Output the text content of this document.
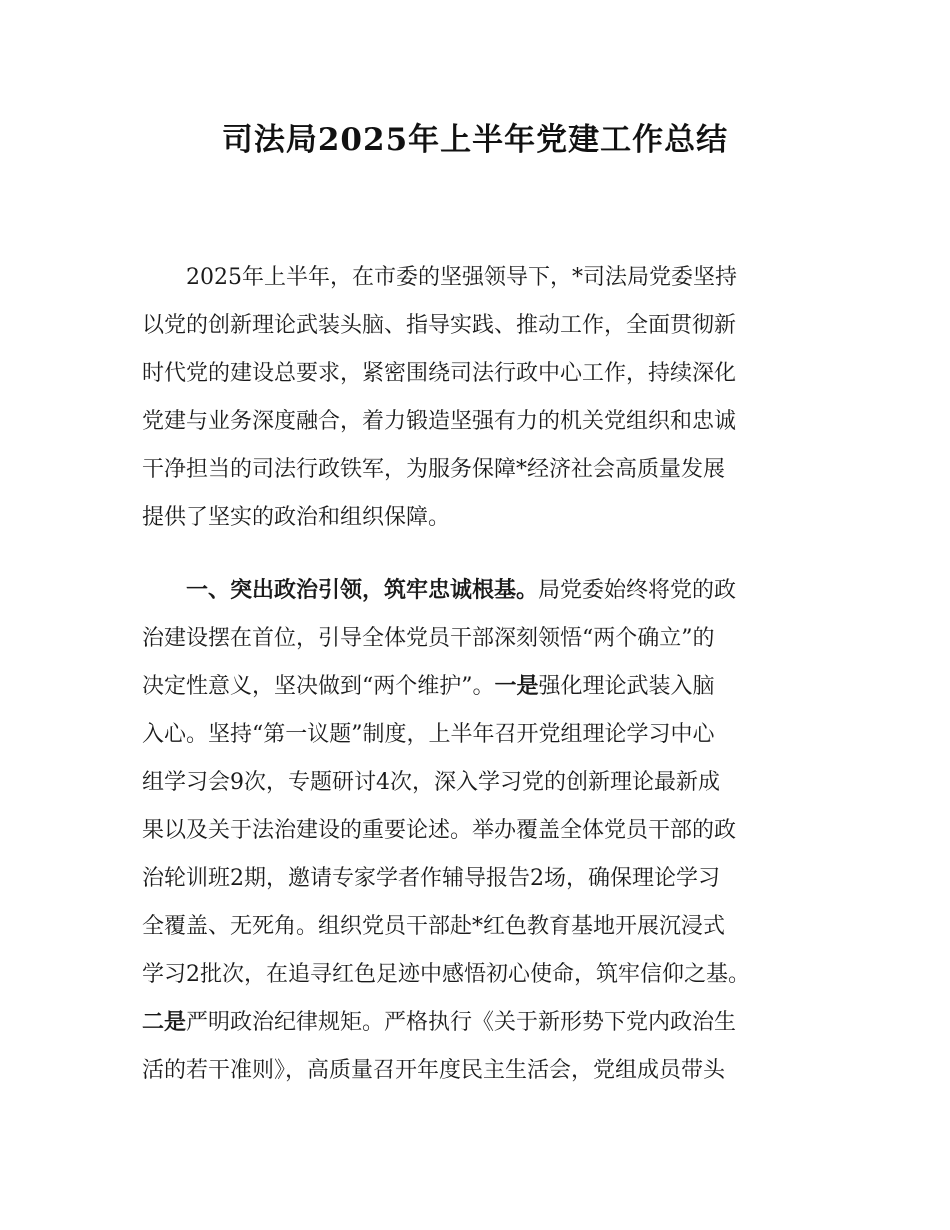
司法局2025年上半年党建工作总结
2025年上半年，在市委的坚强领导下，*司法局党委坚持
以党的创新理论武装头脑、指导实践、推动工作，全面贯彻新
时代党的建设总要求，紧密围绕司法行政中心工作，持续深化
党建与业务深度融合，着力锻造坚强有力的机关党组织和忠诚
干净担当的司法行政铁军，为服务保障*经济社会高质量发展
提供了坚实的政治和组织保障。
一、突出政治引领，筑牢忠诚根基。局党委始终将党的政
治建设摆在首位，引导全体党员干部深刻领悟“两个确立”的
决定性意义，坚决做到“两个维护”。一是强化理论武装入脑
入心。坚持“第一议题”制度，上半年召开党组理论学习中心
组学习会9次，专题研讨4次，深入学习党的创新理论最新成
果以及关于法治建设的重要论述。举办覆盖全体党员干部的政
治轮训班2期，邀请专家学者作辅导报告2场，确保理论学习
全覆盖、无死角。组织党员干部赴*红色教育基地开展沉浸式
学习2批次，在追寻红色足迹中感悟初心使命，筑牢信仰之基。
二是严明政治纪律规矩。严格执行《关于新形势下党内政治生
活的若干准则》，高质量召开年度民主生活会，党组成员带头
